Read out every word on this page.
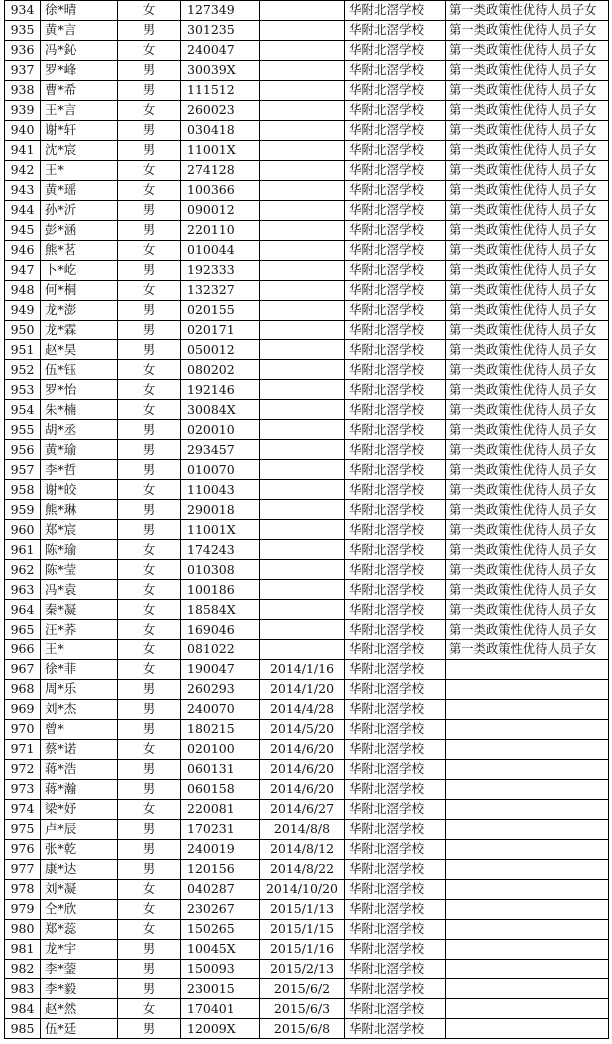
934	徐*晴	女	127349		华附北滘学校	第一类政策性优待人员子女
935	黄*言	男	301235		华附北滘学校	第一类政策性优待人员子女
936	冯*鈊	女	240047		华附北滘学校	第一类政策性优待人员子女
937	罗*峰	男	30039X		华附北滘学校	第一类政策性优待人员子女
938	曹*希	男	111512		华附北滘学校	第一类政策性优待人员子女
939	王*言	女	260023		华附北滘学校	第一类政策性优待人员子女
940	谢*轩	男	030418		华附北滘学校	第一类政策性优待人员子女
941	沈*宸	男	11001X		华附北滘学校	第一类政策性优待人员子女
942	王*	女	274128		华附北滘学校	第一类政策性优待人员子女
943	黄*瑶	女	100366		华附北滘学校	第一类政策性优待人员子女
944	孙*沂	男	090012		华附北滘学校	第一类政策性优待人员子女
945	彭*涵	男	220110		华附北滘学校	第一类政策性优待人员子女
946	熊*茗	女	010044		华附北滘学校	第一类政策性优待人员子女
947	卜*屹	男	192333		华附北滘学校	第一类政策性优待人员子女
948	何*桐	女	132327		华附北滘学校	第一类政策性优待人员子女
949	龙*澎	男	020155		华附北滘学校	第一类政策性优待人员子女
950	龙*霖	男	020171		华附北滘学校	第一类政策性优待人员子女
951	赵*昊	男	050012		华附北滘学校	第一类政策性优待人员子女
952	伍*钰	女	080202		华附北滘学校	第一类政策性优待人员子女
953	罗*怡	女	192146		华附北滘学校	第一类政策性优待人员子女
954	朱*楠	女	30084X		华附北滘学校	第一类政策性优待人员子女
955	胡*丞	男	020010		华附北滘学校	第一类政策性优待人员子女
956	黄*瑜	男	293457		华附北滘学校	第一类政策性优待人员子女
957	李*哲	男	010070		华附北滘学校	第一类政策性优待人员子女
958	谢*皎	女	110043		华附北滘学校	第一类政策性优待人员子女
959	熊*琳	男	290018		华附北滘学校	第一类政策性优待人员子女
960	郑*宸	男	11001X		华附北滘学校	第一类政策性优待人员子女
961	陈*瑜	女	174243		华附北滘学校	第一类政策性优待人员子女
962	陈*莹	女	010308		华附北滘学校	第一类政策性优待人员子女
963	冯*袁	女	100186		华附北滘学校	第一类政策性优待人员子女
964	秦*凝	女	18584X		华附北滘学校	第一类政策性优待人员子女
965	汪*荞	女	169046		华附北滘学校	第一类政策性优待人员子女
966	王*	女	081022		华附北滘学校	第一类政策性优待人员子女
967	徐*菲	女	190047	2014/1/16	华附北滘学校	
968	周*乐	男	260293	2014/1/20	华附北滘学校	
969	刘*杰	男	240070	2014/4/28	华附北滘学校	
970	曾*	男	180215	2014/5/20	华附北滘学校	
971	蔡*诺	女	020100	2014/6/20	华附北滘学校	
972	蒋*浩	男	060131	2014/6/20	华附北滘学校	
973	蒋*瀚	男	060158	2014/6/20	华附北滘学校	
974	梁*妤	女	220081	2014/6/27	华附北滘学校	
975	卢*辰	男	170231	2014/8/8	华附北滘学校	
976	张*乾	男	240019	2014/8/12	华附北滘学校	
977	康*达	男	120156	2014/8/22	华附北滘学校	
978	刘*凝	女	040287	2014/10/20	华附北滘学校	
979	仝*欣	女	230267	2015/1/13	华附北滘学校	
980	郑*蕊	女	150265	2015/1/15	华附北滘学校	
981	龙*宇	男	10045X	2015/1/16	华附北滘学校	
982	李*蓥	男	150093	2015/2/13	华附北滘学校	
983	李*毅	男	230015	2015/6/2	华附北滘学校	
984	赵*然	女	170401	2015/6/3	华附北滘学校	
985	伍*廷	男	12009X	2015/6/8	华附北滘学校	
